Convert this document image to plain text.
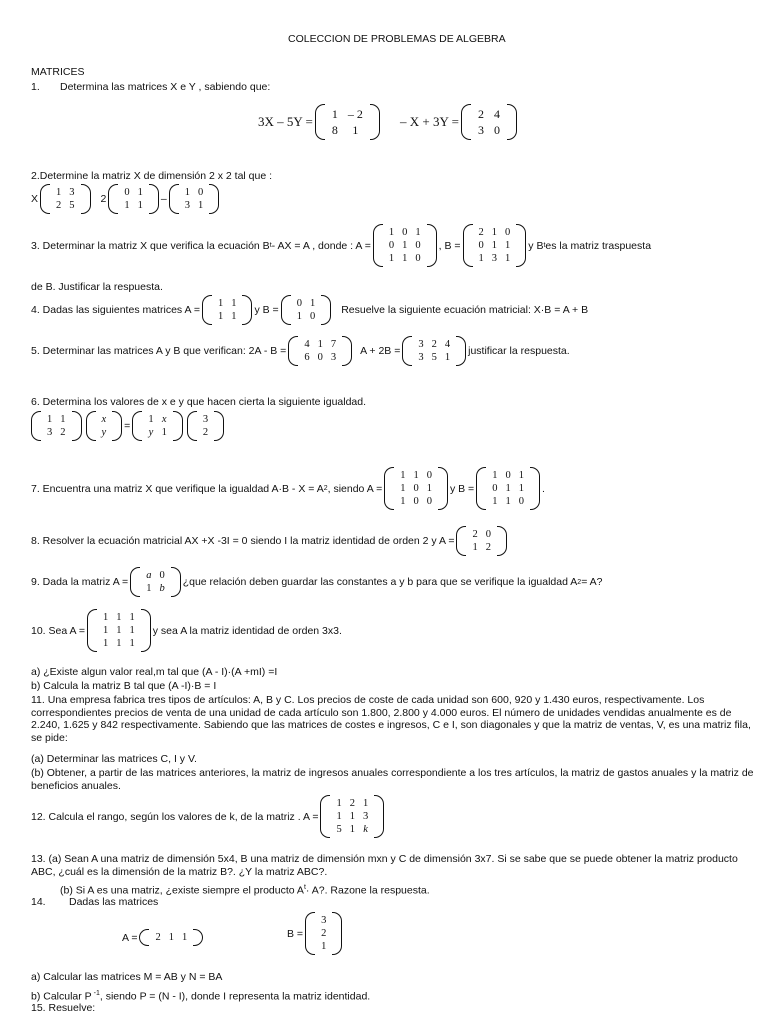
COLECCION DE PROBLEMAS DE ALGEBRA
MATRICES
1. Determina las matrices X e Y , sabiendo que:
3X – 5Y = 1	– 2
8	1
– X + 3Y = 2	4
3	0
2.Determine la matriz X de dimensión 2 x 2 tal que :
X
1	3
2	5
2
0	1
1	1
–
1	0
3	1
3. Determinar la matriz X que verifica la ecuación B t - AX = A , donde : A =
1	0	1
0	1	0
1	1	0
, B =
2	1	0
0	1	1
1	3	1
y B t es la matriz traspuesta
de B. Justificar la respuesta.
4. Dadas las siguientes matrices A =
1	1
1	1
y B =
0	1
1	0
Resuelve la siguiente ecuación matricial: X·B = A + B
5. Determinar las matrices A y B que verifican: 2A - B =
4	1	7
6	0	3
A + 2B =
3	2	4
3	5	1
justificar la respuesta.
6. Determina los valores de x e y que hacen cierta la siguiente igualdad.
1	1
3	2
x
y
=
1	x
y	1
3
2
7. Encuentra una matriz X que verifique la igualdad A·B - X = A 2 , siendo A =
1	1	0
1	0	1
1	0	0
y B =
1	0	1
0	1	1
1	1	0
.
8. Resolver la ecuación matricial AX +X -3I = 0 siendo I la matriz identidad de orden 2 y A =
2	0
1	2
9. Dada la matriz A =
a	0
1	b
¿que relación deben guardar las constantes a y b para que se verifique la igualdad A 2 = A?
10. Sea A =
1	1	1
1	1	1
1	1	1
y sea A la matriz identidad de orden 3x3.
a) ¿Existe algun valor real,m tal que (A - I)·(A +mI) =I
b) Calcula la matriz B tal que (A -I)·B = I
11. Una empresa fabrica tres tipos de artículos: A, B y C. Los precios de coste de cada unidad son 600, 920 y 1.430 euros, respectivamente. Los correspondientes precios de venta de una unidad de cada artículo son 1.800, 2.800 y 4.000 euros. El número de unidades vendidas anualmente es de 2.240, 1.625 y 842 respectivamente. Sabiendo que las matrices de costes e ingresos, C e I, son diagonales y que la matriz de ventas, V, es una matriz fila, se pide:
(a) Determinar las matrices C, I y V.
(b) Obtener, a partir de las matrices anteriores, la matriz de ingresos anuales correspondiente a los tres artículos, la matriz de gastos anuales y la matriz de beneficios anuales.
12. Calcula el rango, según los valores de k, de la matriz . A =
1	2	1
1	1	3
5	1	k
13. (a) Sean A una matriz de dimensión 5x4, B una matriz de dimensión mxn y C de dimensión 3x7. Si se sabe que se puede obtener la matriz producto ABC, ¿cuál es la dimensión de la matriz B?. ¿Y la matriz ABC?.
(b) Si A es una matriz, ¿existe siempre el producto $A^t\cdot A$?. Razone la respuesta.
14. Dadas las matrices
A = 2	1	1	B =
3
2
1
a) Calcular las matrices M = AB y N = BA
b) Calcular P $^{-1}$, siendo P = (N - I), donde I representa la matriz identidad.
15. Resuelve:
